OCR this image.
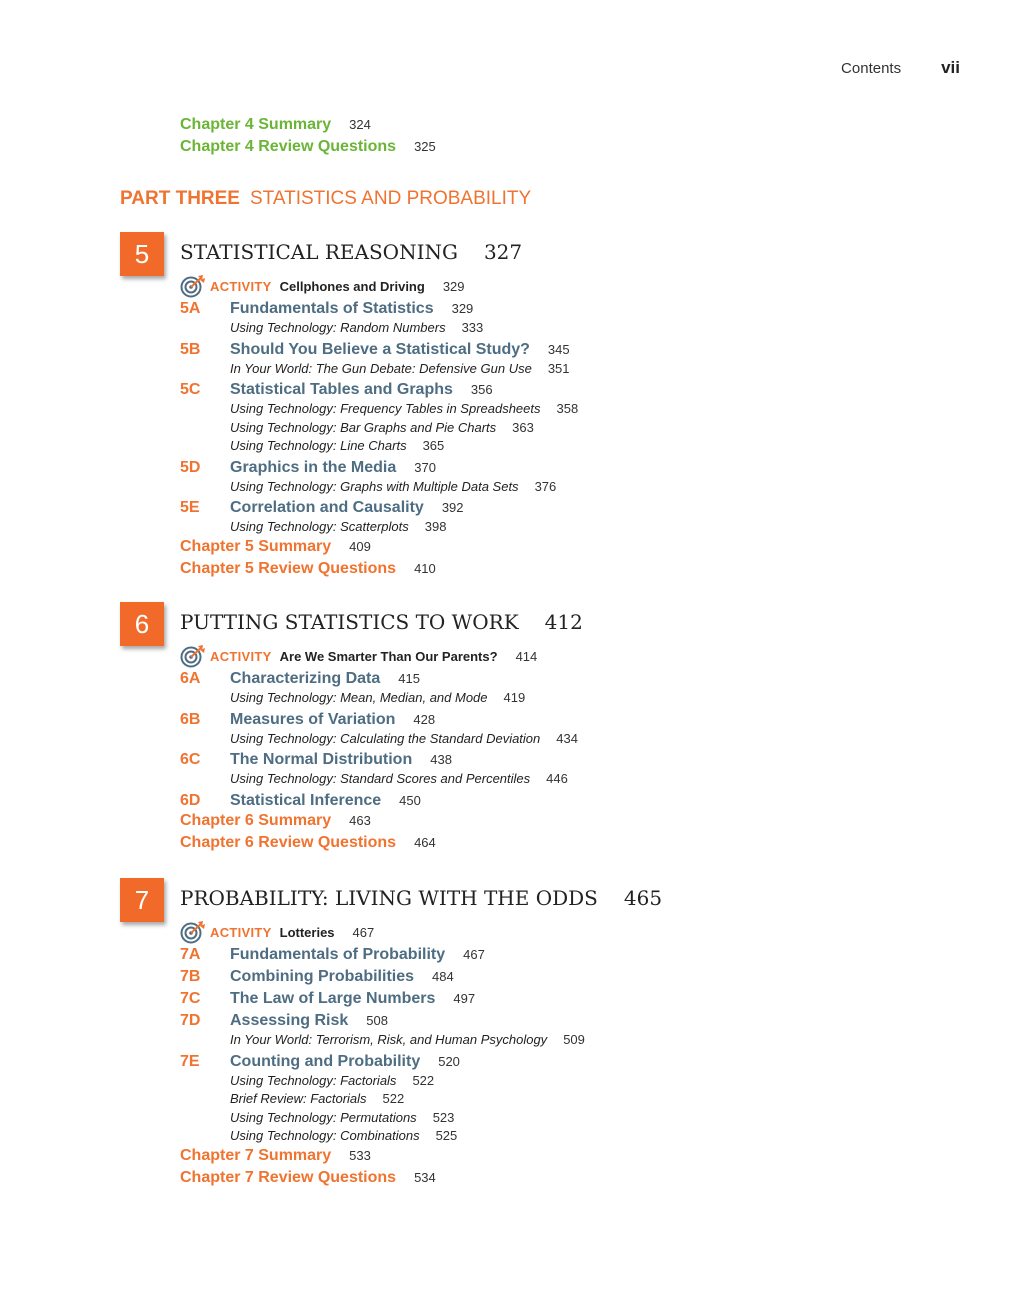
Contents vii
Chapter 4 Summary 324
Chapter 4 Review Questions 325
PART THREE STATISTICS AND PROBABILITY
5	STATISTICAL REASONING 327
ACTIVITY Cellphones and Driving 329
5A	Fundamentals of Statistics 329
Using Technology: Random Numbers 333
5B	Should You Believe a Statistical Study? 345
In Your World: The Gun Debate: Defensive Gun Use 351
5C	Statistical Tables and Graphs 356
Using Technology: Frequency Tables in Spreadsheets 358
Using Technology: Bar Graphs and Pie Charts 363
Using Technology: Line Charts 365
5D	Graphics in the Media 370
Using Technology: Graphs with Multiple Data Sets 376
5E	Correlation and Causality 392
Using Technology: Scatterplots 398
Chapter 5 Summary 409
Chapter 5 Review Questions 410
6	PUTTING STATISTICS TO WORK 412
ACTIVITY Are We Smarter Than Our Parents? 414
6A	Characterizing Data 415
Using Technology: Mean, Median, and Mode 419
6B	Measures of Variation 428
Using Technology: Calculating the Standard Deviation 434
6C	The Normal Distribution 438
Using Technology: Standard Scores and Percentiles 446
6D	Statistical Inference 450
Chapter 6 Summary 463
Chapter 6 Review Questions 464
7	PROBABILITY: LIVING WITH THE ODDS 465
ACTIVITY Lotteries 467
7A	Fundamentals of Probability 467
7B	Combining Probabilities 484
7C	The Law of Large Numbers 497
7D	Assessing Risk 508
In Your World: Terrorism, Risk, and Human Psychology 509
7E	Counting and Probability 520
Using Technology: Factorials 522
Brief Review: Factorials 522
Using Technology: Permutations 523
Using Technology: Combinations 525
Chapter 7 Summary 533
Chapter 7 Review Questions 534
